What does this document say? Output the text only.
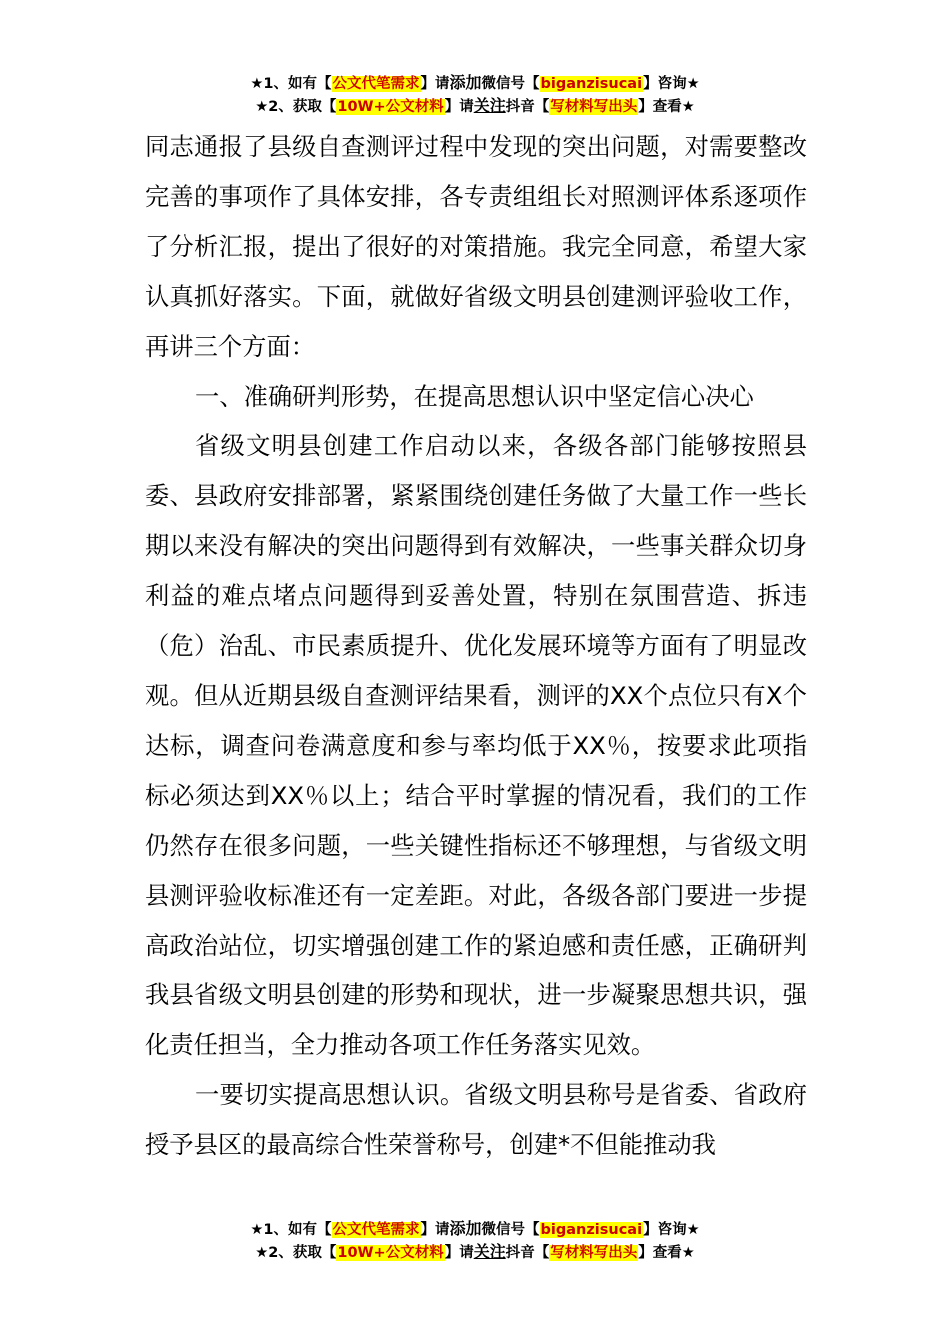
★1、如有【公文代笔需求】请添加微信号【biganzisucai】咨询★
★2、获取【10W+公文材料】请关注抖音【写材料写出头】查看★

同志通报了县级自查测评过程中发现的突出问题，对需要整改完善的事项作了具体安排，各专责组组长对照测评体系逐项作了分析汇报，提出了很好的对策措施。我完全同意，希望大家认真抓好落实。下面，就做好省级文明县创建测评验收工作，再讲三个方面：

一、准确研判形势，在提高思想认识中坚定信心决心

省级文明县创建工作启动以来，各级各部门能够按照县委、县政府安排部署，紧紧围绕创建任务做了大量工作一些长期以来没有解决的突出问题得到有效解决，一些事关群众切身利益的难点堵点问题得到妥善处置，特别在氛围营造、拆违（危）治乱、市民素质提升、优化发展环境等方面有了明显改观。但从近期县级自查测评结果看，测评的XX个点位只有X个达标，调查问卷满意度和参与率均低于XX％，按要求此项指标必须达到XX％以上；结合平时掌握的情况看，我们的工作仍然存在很多问题，一些关键性指标还不够理想，与省级文明县测评验收标准还有一定差距。对此，各级各部门要进一步提高政治站位，切实增强创建工作的紧迫感和责任感，正确研判我县省级文明县创建的形势和现状，进一步凝聚思想共识，强化责任担当，全力推动各项工作任务落实见效。

一要切实提高思想认识。省级文明县称号是省委、省政府授予县区的最高综合性荣誉称号，创建*不但能推动我

★1、如有【公文代笔需求】请添加微信号【biganzisucai】咨询★
★2、获取【10W+公文材料】请关注抖音【写材料写出头】查看★
